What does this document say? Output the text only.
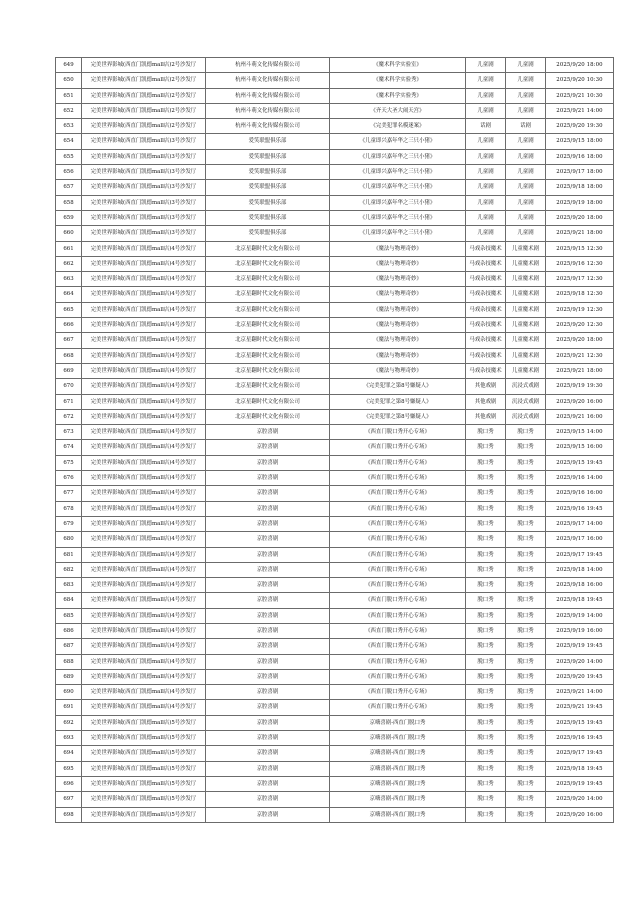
649	完美世界影城(西直门凯德mall店)2号沙发厅	杭州斗萌文化传媒有限公司	《魔术科学实验室》	儿童剧	儿童剧	2025/9/20 18:00
650	完美世界影城(西直门凯德mall店)2号沙发厅	杭州斗萌文化传媒有限公司	《魔术科学实验秀》	儿童剧	儿童剧	2025/9/20 10:30
651	完美世界影城(西直门凯德mall店)2号沙发厅	杭州斗萌文化传媒有限公司	《魔术科学实验秀》	儿童剧	儿童剧	2025/9/21 10:30
652	完美世界影城(西直门凯德mall店)2号沙发厅	杭州斗萌文化传媒有限公司	《齐天大圣大闹天宫》	儿童剧	儿童剧	2025/9/21 14:00
653	完美世界影城(西直门凯德mall店)2号沙发厅	杭州斗萌文化传媒有限公司	《完美犯罪名模迷案》	话剧	话剧	2025/9/20 19:30
654	完美世界影城(西直门凯德mall店)3号沙发厅	爱笑联盟俱乐部	《儿童即兴嘉年华之三只小猪》	儿童剧	儿童剧	2025/9/15 18:00
655	完美世界影城(西直门凯德mall店)3号沙发厅	爱笑联盟俱乐部	《儿童即兴嘉年华之三只小猪》	儿童剧	儿童剧	2025/9/16 18:00
656	完美世界影城(西直门凯德mall店)3号沙发厅	爱笑联盟俱乐部	《儿童即兴嘉年华之三只小猪》	儿童剧	儿童剧	2025/9/17 18:00
657	完美世界影城(西直门凯德mall店)3号沙发厅	爱笑联盟俱乐部	《儿童即兴嘉年华之三只小猪》	儿童剧	儿童剧	2025/9/18 18:00
658	完美世界影城(西直门凯德mall店)3号沙发厅	爱笑联盟俱乐部	《儿童即兴嘉年华之三只小猪》	儿童剧	儿童剧	2025/9/19 18:00
659	完美世界影城(西直门凯德mall店)3号沙发厅	爱笑联盟俱乐部	《儿童即兴嘉年华之三只小猪》	儿童剧	儿童剧	2025/9/20 18:00
660	完美世界影城(西直门凯德mall店)3号沙发厅	爱笑联盟俱乐部	《儿童即兴嘉年华之三只小猪》	儿童剧	儿童剧	2025/9/21 18:00
661	完美世界影城(西直门凯德mall店)4号沙发厅	北京星翻时代文化有限公司	《魔法与物理奇妙》	马戏杂技魔术	儿童魔术剧	2025/9/15 12:30
662	完美世界影城(西直门凯德mall店)4号沙发厅	北京星翻时代文化有限公司	《魔法与物理奇妙》	马戏杂技魔术	儿童魔术剧	2025/9/16 12:30
663	完美世界影城(西直门凯德mall店)4号沙发厅	北京星翻时代文化有限公司	《魔法与物理奇妙》	马戏杂技魔术	儿童魔术剧	2025/9/17 12:30
664	完美世界影城(西直门凯德mall店)4号沙发厅	北京星翻时代文化有限公司	《魔法与物理奇妙》	马戏杂技魔术	儿童魔术剧	2025/9/18 12:30
665	完美世界影城(西直门凯德mall店)4号沙发厅	北京星翻时代文化有限公司	《魔法与物理奇妙》	马戏杂技魔术	儿童魔术剧	2025/9/19 12:30
666	完美世界影城(西直门凯德mall店)4号沙发厅	北京星翻时代文化有限公司	《魔法与物理奇妙》	马戏杂技魔术	儿童魔术剧	2025/9/20 12:30
667	完美世界影城(西直门凯德mall店)4号沙发厅	北京星翻时代文化有限公司	《魔法与物理奇妙》	马戏杂技魔术	儿童魔术剧	2025/9/20 18:00
668	完美世界影城(西直门凯德mall店)4号沙发厅	北京星翻时代文化有限公司	《魔法与物理奇妙》	马戏杂技魔术	儿童魔术剧	2025/9/21 12:30
669	完美世界影城(西直门凯德mall店)4号沙发厅	北京星翻时代文化有限公司	《魔法与物理奇妙》	马戏杂技魔术	儿童魔术剧	2025/9/21 18:00
670	完美世界影城(西直门凯德mall店)4号沙发厅	北京星翻时代文化有限公司	《完美犯罪之第8号嫌疑人》	其他戏剧	沉浸式戏剧	2025/9/19 19:30
671	完美世界影城(西直门凯德mall店)4号沙发厅	北京星翻时代文化有限公司	《完美犯罪之第8号嫌疑人》	其他戏剧	沉浸式戏剧	2025/9/20 16:00
672	完美世界影城(西直门凯德mall店)4号沙发厅	北京星翻时代文化有限公司	《完美犯罪之第8号嫌疑人》	其他戏剧	沉浸式戏剧	2025/9/21 16:00
673	完美世界影城(西直门凯德mall店)4号沙发厅	京腔喜剧	《西直门脱口秀开心专场》	脱口秀	脱口秀	2025/9/15 14:00
674	完美世界影城(西直门凯德mall店)4号沙发厅	京腔喜剧	《西直门脱口秀开心专场》	脱口秀	脱口秀	2025/9/15 16:00
675	完美世界影城(西直门凯德mall店)4号沙发厅	京腔喜剧	《西直门脱口秀开心专场》	脱口秀	脱口秀	2025/9/15 19:45
676	完美世界影城(西直门凯德mall店)4号沙发厅	京腔喜剧	《西直门脱口秀开心专场》	脱口秀	脱口秀	2025/9/16 14:00
677	完美世界影城(西直门凯德mall店)4号沙发厅	京腔喜剧	《西直门脱口秀开心专场》	脱口秀	脱口秀	2025/9/16 16:00
678	完美世界影城(西直门凯德mall店)4号沙发厅	京腔喜剧	《西直门脱口秀开心专场》	脱口秀	脱口秀	2025/9/16 19:45
679	完美世界影城(西直门凯德mall店)4号沙发厅	京腔喜剧	《西直门脱口秀开心专场》	脱口秀	脱口秀	2025/9/17 14:00
680	完美世界影城(西直门凯德mall店)4号沙发厅	京腔喜剧	《西直门脱口秀开心专场》	脱口秀	脱口秀	2025/9/17 16:00
681	完美世界影城(西直门凯德mall店)4号沙发厅	京腔喜剧	《西直门脱口秀开心专场》	脱口秀	脱口秀	2025/9/17 19:45
682	完美世界影城(西直门凯德mall店)4号沙发厅	京腔喜剧	《西直门脱口秀开心专场》	脱口秀	脱口秀	2025/9/18 14:00
683	完美世界影城(西直门凯德mall店)4号沙发厅	京腔喜剧	《西直门脱口秀开心专场》	脱口秀	脱口秀	2025/9/18 16:00
684	完美世界影城(西直门凯德mall店)4号沙发厅	京腔喜剧	《西直门脱口秀开心专场》	脱口秀	脱口秀	2025/9/18 19:45
685	完美世界影城(西直门凯德mall店)4号沙发厅	京腔喜剧	《西直门脱口秀开心专场》	脱口秀	脱口秀	2025/9/19 14:00
686	完美世界影城(西直门凯德mall店)4号沙发厅	京腔喜剧	《西直门脱口秀开心专场》	脱口秀	脱口秀	2025/9/19 16:00
687	完美世界影城(西直门凯德mall店)4号沙发厅	京腔喜剧	《西直门脱口秀开心专场》	脱口秀	脱口秀	2025/9/19 19:45
688	完美世界影城(西直门凯德mall店)4号沙发厅	京腔喜剧	《西直门脱口秀开心专场》	脱口秀	脱口秀	2025/9/20 14:00
689	完美世界影城(西直门凯德mall店)4号沙发厅	京腔喜剧	《西直门脱口秀开心专场》	脱口秀	脱口秀	2025/9/20 19:45
690	完美世界影城(西直门凯德mall店)4号沙发厅	京腔喜剧	《西直门脱口秀开心专场》	脱口秀	脱口秀	2025/9/21 14:00
691	完美世界影城(西直门凯德mall店)4号沙发厅	京腔喜剧	《西直门脱口秀开心专场》	脱口秀	脱口秀	2025/9/21 19:45
692	完美世界影城(西直门凯德mall店)5号沙发厅	京腔喜剧	京嗨喜剧-西直门脱口秀	脱口秀	脱口秀	2025/9/15 19:45
693	完美世界影城(西直门凯德mall店)5号沙发厅	京腔喜剧	京嗨喜剧-西直门脱口秀	脱口秀	脱口秀	2025/9/16 19:45
694	完美世界影城(西直门凯德mall店)5号沙发厅	京腔喜剧	京嗨喜剧-西直门脱口秀	脱口秀	脱口秀	2025/9/17 19:45
695	完美世界影城(西直门凯德mall店)5号沙发厅	京腔喜剧	京嗨喜剧-西直门脱口秀	脱口秀	脱口秀	2025/9/18 19:45
696	完美世界影城(西直门凯德mall店)5号沙发厅	京腔喜剧	京嗨喜剧-西直门脱口秀	脱口秀	脱口秀	2025/9/19 19:45
697	完美世界影城(西直门凯德mall店)5号沙发厅	京腔喜剧	京嗨喜剧-西直门脱口秀	脱口秀	脱口秀	2025/9/20 14:00
698	完美世界影城(西直门凯德mall店)5号沙发厅	京腔喜剧	京嗨喜剧-西直门脱口秀	脱口秀	脱口秀	2025/9/20 16:00
